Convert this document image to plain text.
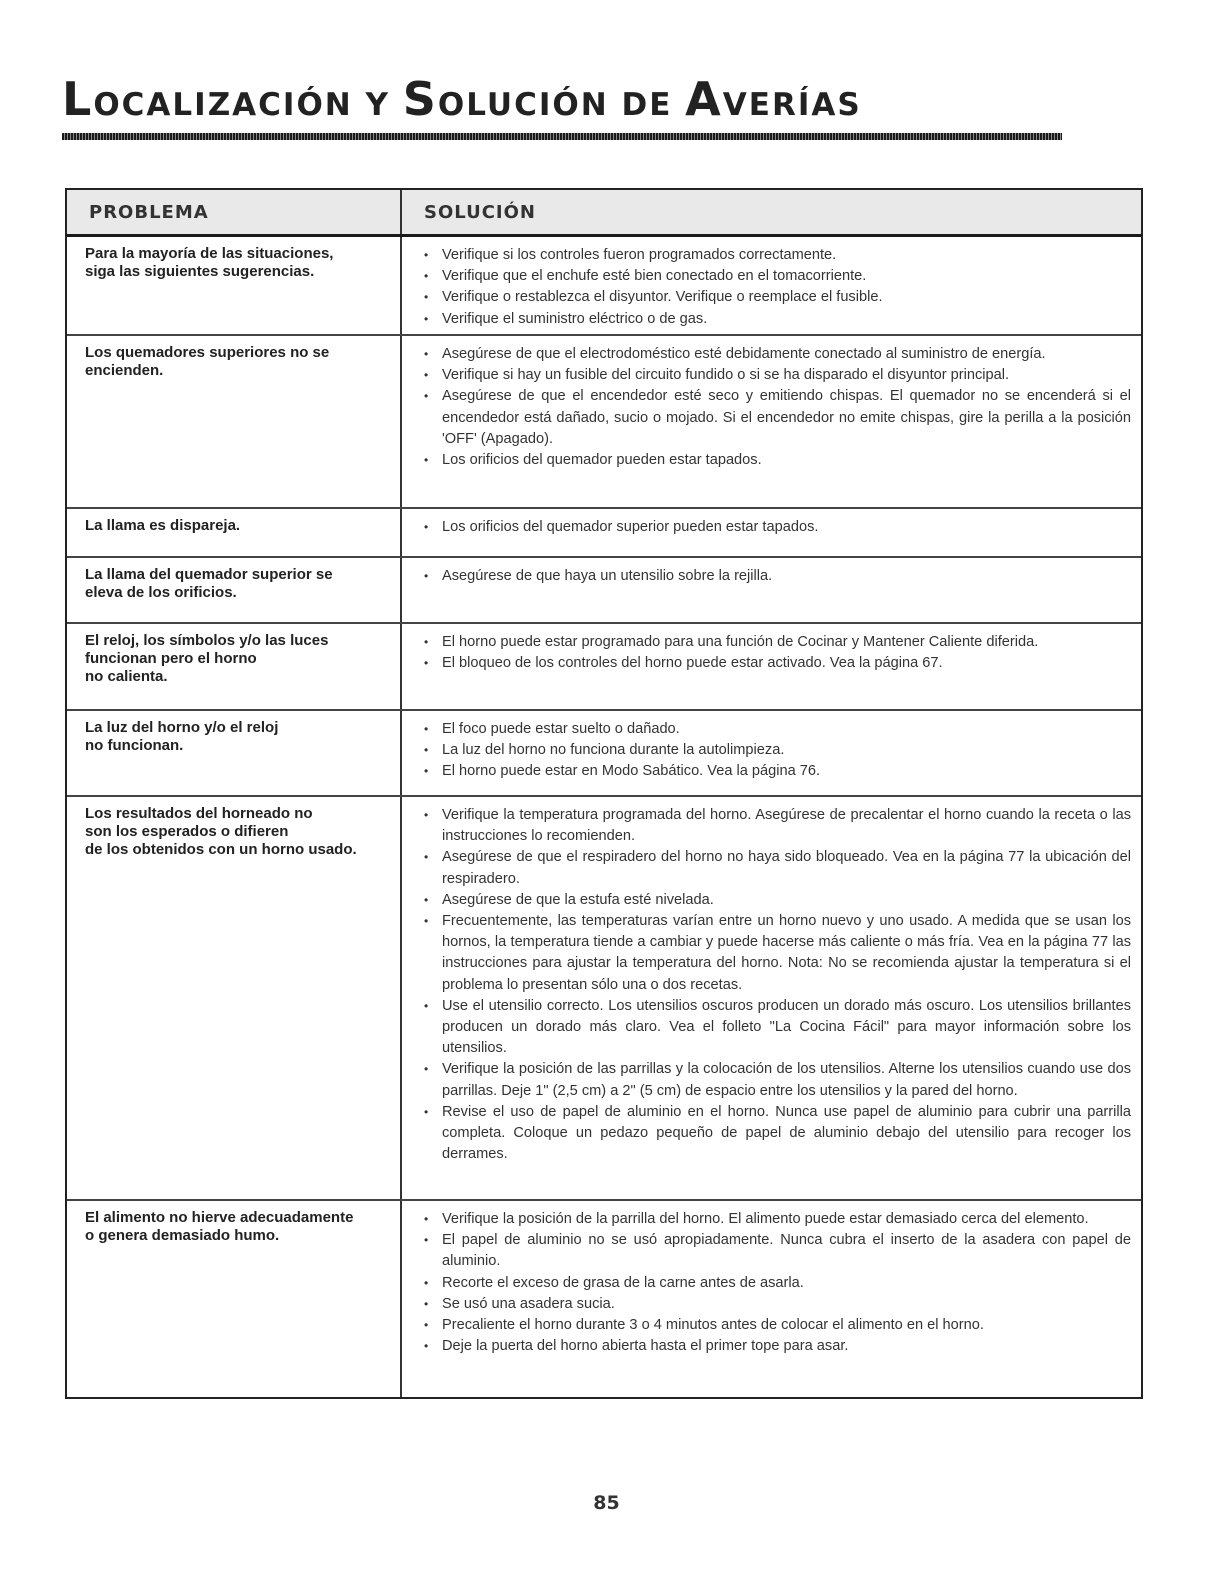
LOCALIZACIÓN Y SOLUCIÓN DE AVERÍAS
PROBLEMA	SOLUCIÓN
Para la mayoría de las situaciones,
siga las siguientes sugerencias.
• Verifique si los controles fueron programados correctamente.
• Verifique que el enchufe esté bien conectado en el tomacorriente.
• Verifique o restablezca el disyuntor. Verifique o reemplace el fusible.
• Verifique el suministro eléctrico o de gas.
Los quemadores superiores no se
encienden.
• Asegúrese de que el electrodoméstico esté debidamente conectado al suministro de energía.
• Verifique si hay un fusible del circuito fundido o si se ha disparado el disyuntor principal.
• Asegúrese de que el encendedor esté seco y emitiendo chispas. El quemador no se encenderá si el encendedor está dañado, sucio o mojado. Si el encendedor no emite chispas, gire la perilla a la posición 'OFF' (Apagado).
• Los orificios del quemador pueden estar tapados.
La llama es dispareja.
•	Los orificios del quemador superior pueden estar tapados.
La llama del quemador superior se
eleva de los orificios.
• Asegúrese de que haya un utensilio sobre la rejilla.
El reloj, los símbolos y/o las luces
funcionan pero el horno
no calienta.
• El horno puede estar programado para una función de Cocinar y Mantener Caliente diferida.
• El bloqueo de los controles del horno puede estar activado. Vea la página 67.
La luz del horno y/o el reloj
no funcionan.
• El foco puede estar suelto o dañado.
• La luz del horno no funciona durante la autolimpieza.
• El horno puede estar en Modo Sabático. Vea la página 76.
Los resultados del horneado no
son los esperados o difieren
de los obtenidos con un horno usado.
• Verifique la temperatura programada del horno. Asegúrese de precalentar el horno cuando la receta o las instrucciones lo recomienden.
• Asegúrese de que el respiradero del horno no haya sido bloqueado. Vea en la página 77 la ubicación del respiradero.
• Asegúrese de que la estufa esté nivelada.
• Frecuentemente, las temperaturas varían entre un horno nuevo y uno usado. A medida que se usan los hornos, la temperatura tiende a cambiar y puede hacerse más caliente o más fría. Vea en la página 77 las instrucciones para ajustar la temperatura del horno. Nota: No se recomienda ajustar la temperatura si el problema lo presentan sólo una o dos recetas.
• Use el utensilio correcto. Los utensilios oscuros producen un dorado más oscuro. Los utensilios brillantes producen un dorado más claro. Vea el folleto "La Cocina Fácil" para mayor información sobre los utensilios.
• Verifique la posición de las parrillas y la colocación de los utensilios. Alterne los utensilios cuando use dos parrillas. Deje 1" (2,5 cm) a 2" (5 cm) de espacio entre los utensilios y la pared del horno.
• Revise el uso de papel de aluminio en el horno. Nunca use papel de aluminio para cubrir una parrilla completa. Coloque un pedazo pequeño de papel de aluminio debajo del utensilio para recoger los derrames.
El alimento no hierve adecuadamente
o genera demasiado humo.
• Verifique la posición de la parrilla del horno. El alimento puede estar demasiado cerca del elemento.
• El papel de aluminio no se usó apropiadamente. Nunca cubra el inserto de la asadera con papel de aluminio.
• Recorte el exceso de grasa de la carne antes de asarla.
• Se usó una asadera sucia.
• Precaliente el horno durante 3 o 4 minutos antes de colocar el alimento en el horno.
• Deje la puerta del horno abierta hasta el primer tope para asar.
85
